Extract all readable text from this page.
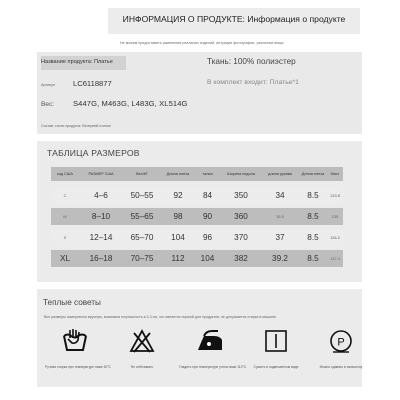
ИНФОРМАЦИЯ О ПРОДУКТЕ: Информация о продукте
Не можем предоставить изменения реальных изделий, интуиции фотографии, реальные вещи
Название продукта: Платье	Ткань: 100% полиэстер
Артикул LC6118877	В комплект входит: Платье*1
Вес: S447G, M463G, L483G, XL514G
Состав: стиль продукта: Вечерний платье
ТАБЛИЦА РАЗМЕРОВ
код США	РАЗМЕР США	Вес/КГ	Длина плеча	талия	Ширина подола	длина рукава	Длина плеча	бюст
С	4–6	50–55	92	84	350	34	8.5	133.8
М	8–10	55–65	98	90	360	35.5	8.5	135
Л	12–14	65–70	104	96	370	37	8.5	136.2
XL	16–18	70–75	112	104	382	39.2	8.5	137.4
Теплые советы
Все размеры измеряются вручную, возможна погрешность в 2-3 см, что является нормой для продуктов, не допускается стирка в машине.
Ручная стирка при температуре ниже 30°С	Не отбеливать	Гладить при температуре утюга ниже 110°C	Сушить в подвешенном виде
P
Можно сдавать в химчистку
